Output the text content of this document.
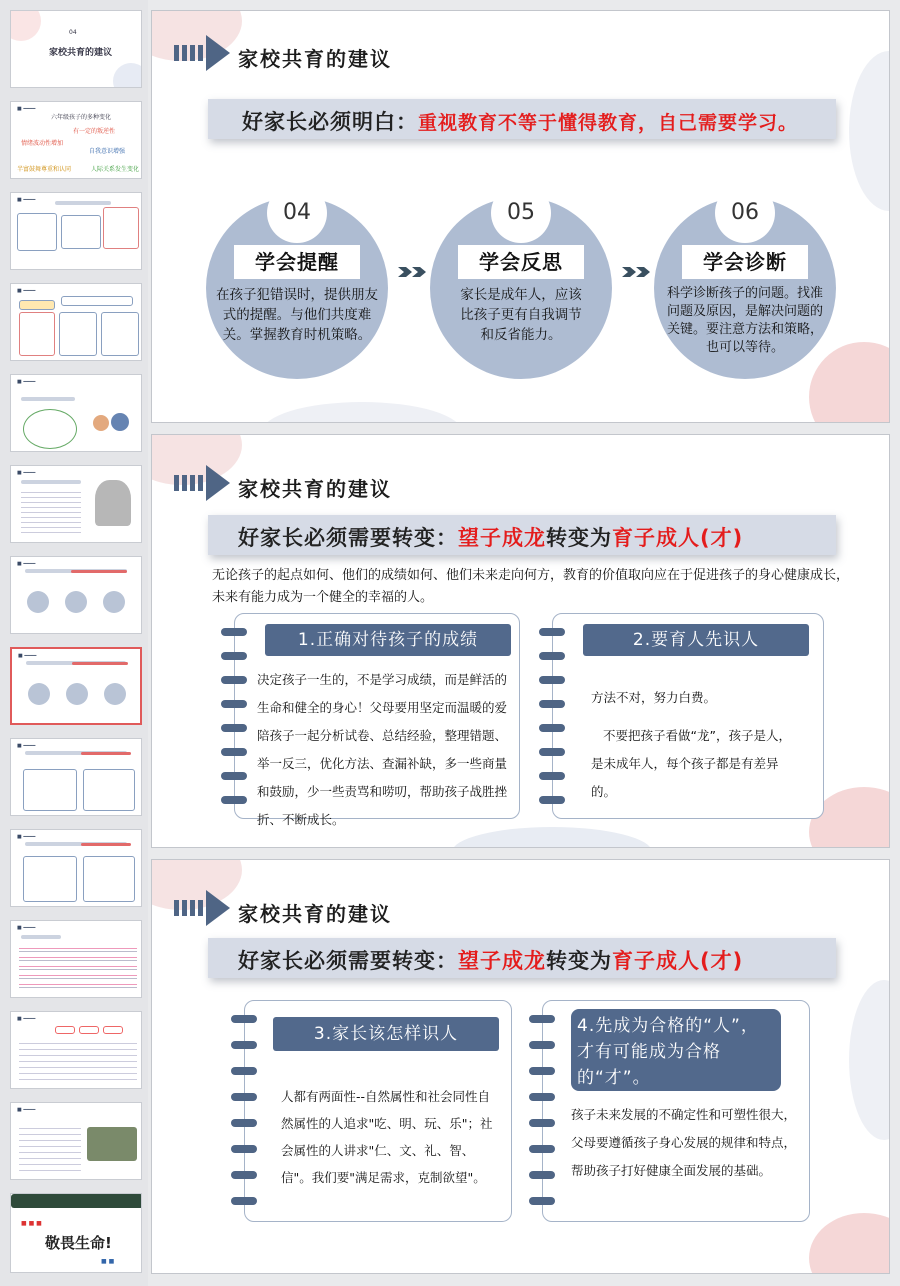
04
家校共育的建议
■ ━━━━
六年级孩子的多种变化
有一定的叛逆性
情绪波动性增加
自我意识增强
半富鼓舞尊重和认同	人际关系发生变化
■ ━━━━
■ ━━━━
■ ━━━━
■ ━━━━
■ ━━━━
■ ━━━━
■ ━━━━
■ ━━━━
■ ━━━━
■ ━━━━
■ ━━━━
敬畏生命!
■ ■ ■
■ ■
家校共育的建议
好家长必须明白：重视教育不等于懂得教育，自己需要学习。
04
学会提醒
在孩子犯错误时，提供朋友式的提醒。与他们共度难关。掌握教育时机策略。
05
学会反思
家长是成年人，应该比孩子更有自我调节和反省能力。
06
学会诊断
科学诊断孩子的问题。找准问题及原因，是解决问题的关键。要注意方法和策略，也可以等待。
家校共育的建议
好家长必须需要转变：望子成龙转变为育子成人(才)
无论孩子的起点如何、他们的成绩如何、他们未来走向何方，教育的价值取向应在于促进孩子的身心健康成长，未来有能力成为一个健全的幸福的人。
1.正确对待孩子的成绩
决定孩子一生的，不是学习成绩，而是鲜活的生命和健全的身心！父母要用坚定而温暖的爱陪孩子一起分析试卷、总结经验，整理错题、举一反三，优化方法、查漏补缺，多一些商量和鼓励，少一些责骂和唠叨，帮助孩子战胜挫折、不断成长。
2.要育人先识人
方法不对，努力白费。
不要把孩子看做“龙”，孩子是人，是未成年人，每个孩子都是有差异的。
家校共育的建议
好家长必须需要转变：望子成龙转变为育子成人(才)
3.家长该怎样识人
人都有两面性--自然属性和社会同性自然属性的人追求"吃、明、玩、乐"；社会属性的人讲求"仁、文、礼、智、信"。我们要"满足需求，克制欲望"。
4.先成为合格的“人”，才有可能成为合格的“才”。
孩子未来发展的不确定性和可塑性很大，父母要遵循孩子身心发展的规律和特点，帮助孩子打好健康全面发展的基础。
